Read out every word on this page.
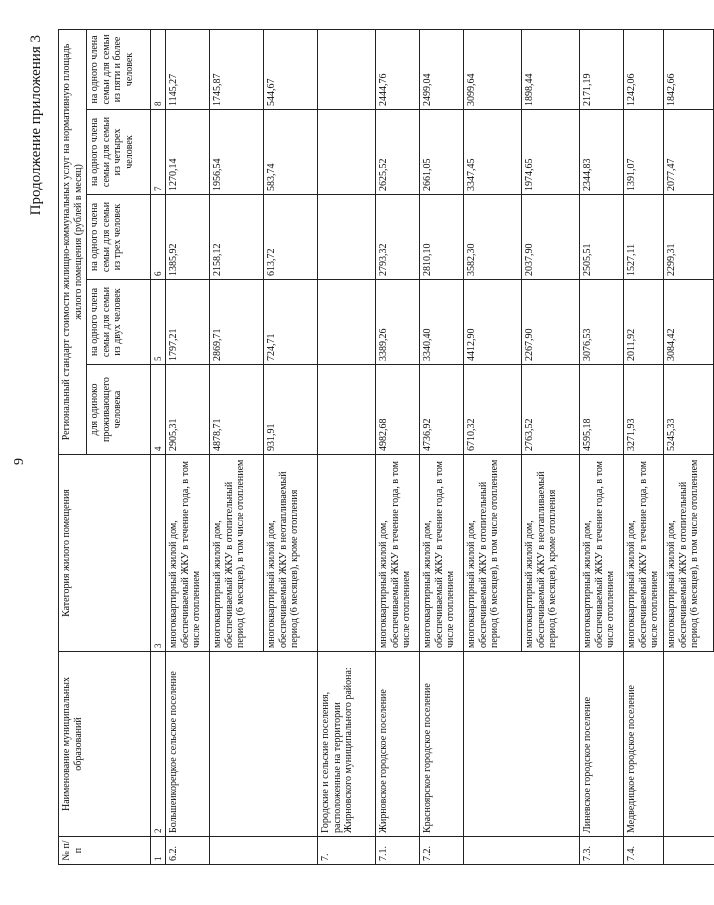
9
Продолжение приложения 3
№ п/п	Наименование муниципальных образований	Категория жилого помещения	Региональный стандарт стоимости жилищно-коммунальных услуг на нормативную площадь жилого помещения (рублей в месяц)				
			для одиноко проживающего человека	на одного члена семьи для семьи из двух человек	на одного члена семьи для семьи из трех человек	на одного члена семьи для семьи из четырех человек	на одного члена семьи для семьи из пяти и более человек
1	2	3	4	5	6	7	8
6.2.	Большеикорецкое сельское поселение	многоквартирный жилой дом, обеспечиваемый ЖКУ в течение года, в том числе отоплением	2905,31	1797,21	1385,92	1270,14	1145,27
		многоквартирный жилой дом, обеспечиваемый ЖКУ в отопительный период (6 месяцев), в том числе отоплением	4878,71	2869,71	2158,12	1956,54	1745,87
		многоквартирный жилой дом, обеспечиваемый ЖКУ в неотапливаемый период (6 месяцев), кроме отопления	931,91	724,71	613,72	583,74	544,67
7.	Городские и сельские поселения, расположенные на территории Жирновского муниципального района:						
7.1.	Жирновское городское поселение	многоквартирный жилой дом, обеспечиваемый ЖКУ в течение года, в том числе отоплением	4982,68	3389,26	2793,32	2625,52	2444,76
7.2.	Красноярское городское поселение	многоквартирный жилой дом, обеспечиваемый ЖКУ в течение года, в том числе отоплением	4736,92	3340,40	2810,10	2661,05	2499,04
		многоквартирный жилой дом, обеспечиваемый ЖКУ в отопительный период (6 месяцев), в том числе отоплением	6710,32	4412,90	3582,30	3347,45	3099,64
		многоквартирный жилой дом, обеспечиваемый ЖКУ в неотапливаемый период (6 месяцев), кроме отопления	2763,52	2267,90	2037,90	1974,65	1898,44
7.3.	Линевское городское поселение	многоквартирный жилой дом, обеспечиваемый ЖКУ в течение года, в том числе отоплением	4595,18	3076,53	2505,51	2344,83	2171,19
7.4.	Медведицкое городское поселение	многоквартирный жилой дом, обеспечиваемый ЖКУ в течение года, в том числе отоплением	3271,93	2011,92	1527,11	1391,07	1242,06
		многоквартирный жилой дом, обеспечиваемый ЖКУ в отопительный период (6 месяцев), в том числе отоплением	5245,33	3084,42	2299,31	2077,47	1842,66
